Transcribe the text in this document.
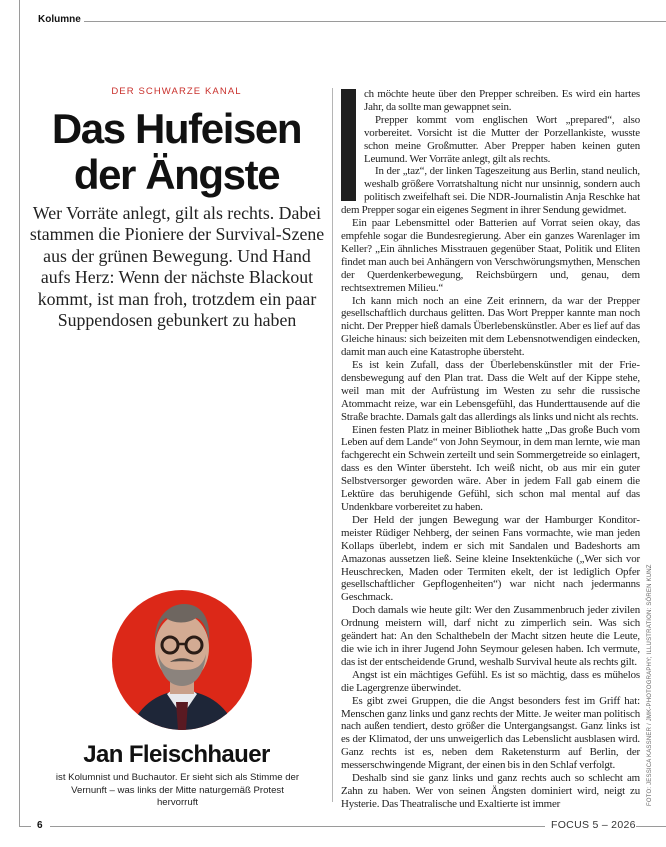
Kolumne
DER SCHWARZE KANAL
Das Hufeisen
der Ängste
Wer Vorräte anlegt, gilt als rechts. Dabei stammen die Pioniere der Survival-Szene aus der grünen Bewegung. Und Hand aufs Herz: Wenn der nächste Blackout kommt, ist man froh, trotzdem ein paar Suppendosen gebunkert zu haben
Jan Fleischhauer
ist Kolumnist und Buchautor. Er sieht sich als Stimme der Vernunft – was links der Mitte naturgemäß Protest hervorruft
I	ch möchte heute über den Prepper schreiben. Es wird ein hartes Jahr, da sollte man gewappnet sein.

Prepper kommt vom englischen Wort „prepared“, also vorbereitet. Vorsicht ist die Mutter der Porzellankiste, wusste schon meine Großmutter. Aber Prepper haben keinen guten Leumund. Wer Vorräte anlegt, gilt als rechts.

In der „taz“, der linken Tageszeitung aus Berlin, stand neulich, weshalb größere Vorratshaltung nicht nur unsinnig, sondern auch politisch zweifelhaft sei. Die NDR-Journalistin Anja Reschke hat dem Prepper sogar ein eigenes Segment in ihrer Sendung gewidmet.

Ein paar Lebensmittel oder Batterien auf Vorrat seien okay, das empfehle sogar die Bundesregierung. Aber ein ganzes Warenlager im Keller? „Ein ähnliches Misstrauen gegenüber Staat, Politik und Eliten findet man auch bei Anhängern von Verschwörungsmythen, Menschen der Querdenkerbewegung, Reichsbürgern und, genau, dem rechtsextremen Milieu.“

Ich kann mich noch an eine Zeit erinnern, da war der Prepper gesellschaftlich durchaus gelitten. Das Wort Prepper kannte man noch nicht. Der Prepper hieß damals Überlebenskünstler. Aber es lief auf das Gleiche hinaus: sich beizeiten mit dem Lebensnotwendigen eindecken, damit man auch eine Katastrophe übersteht.

Es ist kein Zufall, dass der Überlebenskünstler mit der Friedensbewegung auf den Plan trat. Dass die Welt auf der Kippe stehe, weil man mit der Aufrüstung im Westen zu sehr die russische Atommacht reize, war ein Lebensgefühl, das Hunderttausende auf die Straße brachte. Damals galt das allerdings als links und nicht als rechts.

Einen festen Platz in meiner Bibliothek hatte „Das große Buch vom Leben auf dem Lande“ von John Seymour, in dem man lernte, wie man fachgerecht ein Schwein zerteilt und sein Sommergetreide so einlagert, dass es den Winter übersteht. Ich weiß nicht, ob aus mir ein guter Selbstversorger geworden wäre. Aber in jedem Fall gab einem die Lektüre das beruhigende Gefühl, sich schon mal mental auf das Undenkbare vorbereitet zu haben.

Der Held der jungen Bewegung war der Hamburger Konditormeister Rüdiger Nehberg, der seinen Fans vormachte, wie man jeden Kollaps überlebt, indem er sich mit Sandalen und Badeshorts am Amazonas aussetzen ließ. Seine kleine Insektenküche („Wer sich vor Heuschrecken, Maden oder Termiten ekelt, der ist lediglich Opfer gesellschaftlicher Gepflogenheiten“) war nicht nach jedermanns Geschmack.

Doch damals wie heute gilt: Wer den Zusammenbruch jeder zivilen Ordnung meistern will, darf nicht zu zimperlich sein. Was sich geändert hat: An den Schalthebeln der Macht sitzen heute die Leute, die wie ich in ihrer Jugend John Seymour gelesen haben. Ich vermute, das ist der entscheidende Grund, weshalb Survival heute als rechts gilt.

Angst ist ein mächtiges Gefühl. Es ist so mächtig, dass es mühelos die Lagergrenze überwindet.

Es gibt zwei Gruppen, die die Angst besonders fest im Griff hat: Menschen ganz links und ganz rechts der Mitte. Je weiter man politisch nach außen tendiert, desto größer die Untergangsangst. Ganz links ist es der Klimatod, der uns unweigerlich das Lebenslicht ausblasen wird. Ganz rechts ist es, neben dem Raketensturm auf Berlin, der messerschwingende Migrant, der einen bis in den Schlaf verfolgt.

Deshalb sind sie ganz links und ganz rechts auch so schlecht am Zahn zu haben. Wer von seinen Ängsten dominiert wird, neigt zu Hysterie. Das Theatralische und Exaltierte ist immer	FOTO: JESSICA KASSNER / JMK-PHOTOGRAPHY; ILLUSTRATION: SÖREN KUNZ
6	FOCUS 5 – 2026
